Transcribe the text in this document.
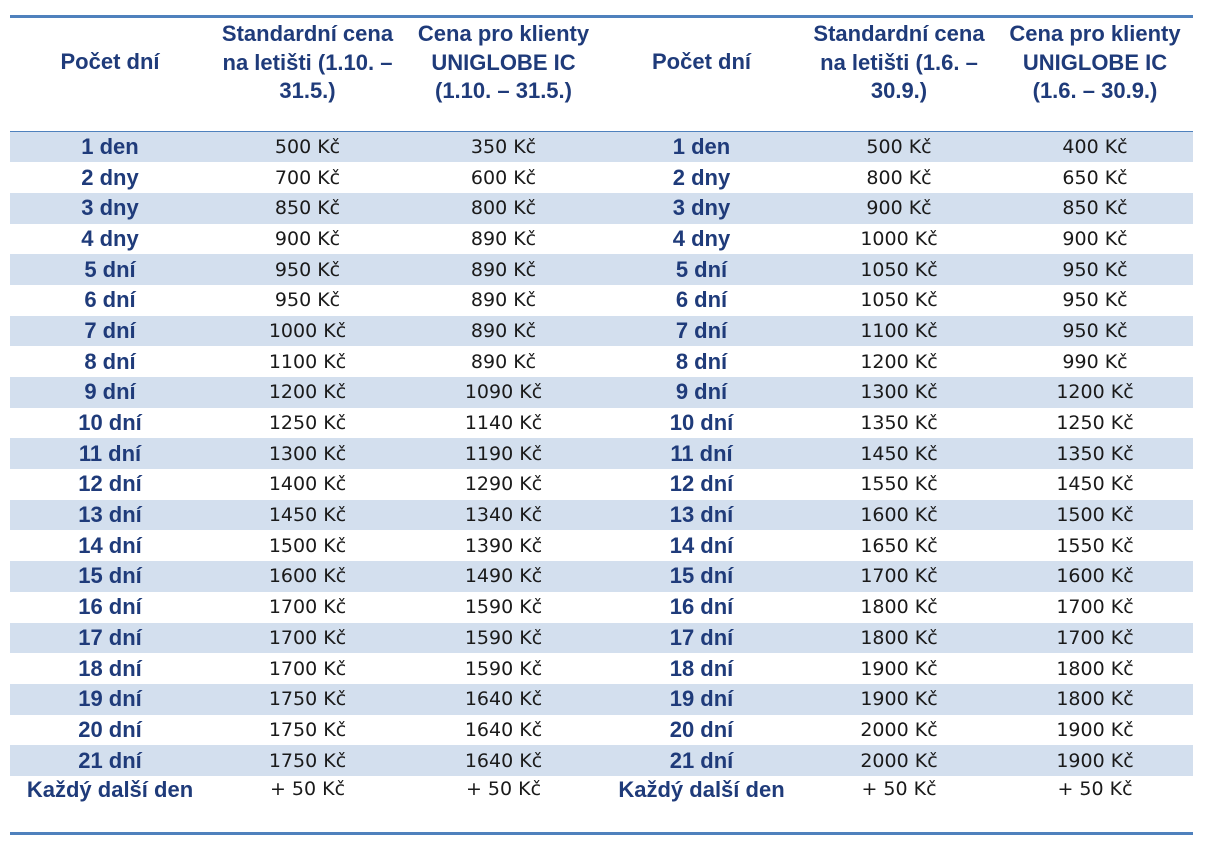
Počet dní	Standardní cena na letišti (1.10. – 31.5.)	Cena pro klienty UNIGLOBE IC (1.10. – 31.5.)	Počet dní	Standardní cena na letišti (1.6. – 30.9.)	Cena pro klienty UNIGLOBE IC (1.6. – 30.9.)
1 den	500 Kč	350 Kč	1 den	500 Kč	400 Kč
2 dny	700 Kč	600 Kč	2 dny	800 Kč	650 Kč
3 dny	850 Kč	800 Kč	3 dny	900 Kč	850 Kč
4 dny	900 Kč	890 Kč	4 dny	1000 Kč	900 Kč
5 dní	950 Kč	890 Kč	5 dní	1050 Kč	950 Kč
6 dní	950 Kč	890 Kč	6 dní	1050 Kč	950 Kč
7 dní	1000 Kč	890 Kč	7 dní	1100 Kč	950 Kč
8 dní	1100 Kč	890 Kč	8 dní	1200 Kč	990 Kč
9 dní	1200 Kč	1090 Kč	9 dní	1300 Kč	1200 Kč
10 dní	1250 Kč	1140 Kč	10 dní	1350 Kč	1250 Kč
11 dní	1300 Kč	1190 Kč	11 dní	1450 Kč	1350 Kč
12 dní	1400 Kč	1290 Kč	12 dní	1550 Kč	1450 Kč
13 dní	1450 Kč	1340 Kč	13 dní	1600 Kč	1500 Kč
14 dní	1500 Kč	1390 Kč	14 dní	1650 Kč	1550 Kč
15 dní	1600 Kč	1490 Kč	15 dní	1700 Kč	1600 Kč
16 dní	1700 Kč	1590 Kč	16 dní	1800 Kč	1700 Kč
17 dní	1700 Kč	1590 Kč	17 dní	1800 Kč	1700 Kč
18 dní	1700 Kč	1590 Kč	18 dní	1900 Kč	1800 Kč
19 dní	1750 Kč	1640 Kč	19 dní	1900 Kč	1800 Kč
20 dní	1750 Kč	1640 Kč	20 dní	2000 Kč	1900 Kč
21 dní	1750 Kč	1640 Kč	21 dní	2000 Kč	1900 Kč
Každý další den	+ 50 Kč	+ 50 Kč	Každý další den	+ 50 Kč	+ 50 Kč
